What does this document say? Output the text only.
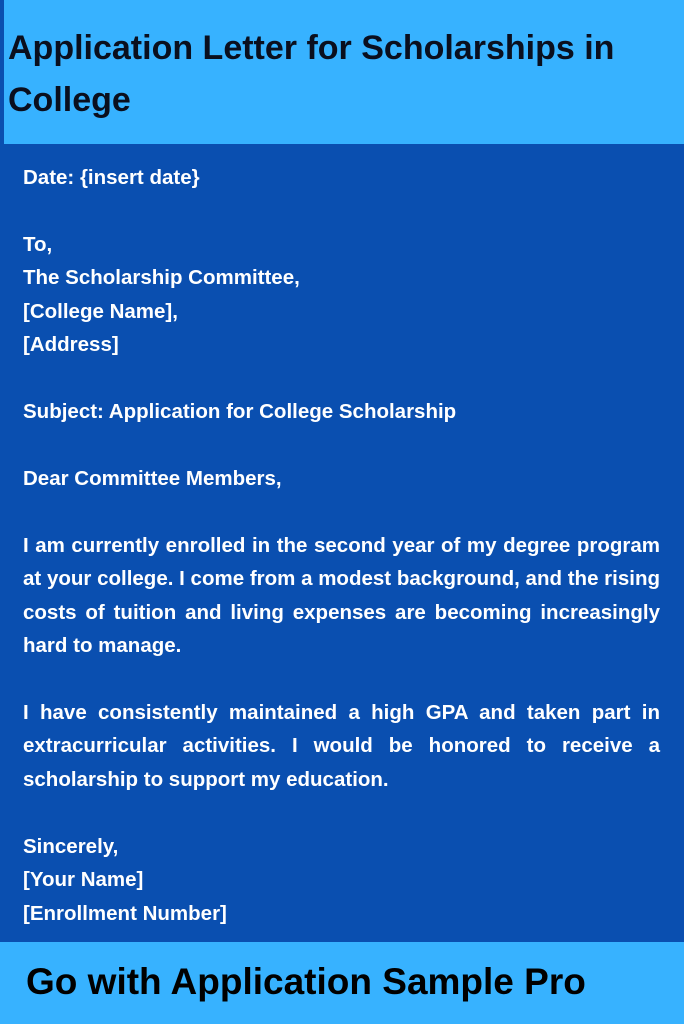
Application Letter for Scholarships in College

Date: {insert date}

To,

The Scholarship Committee,

[College Name],

[Address]

Subject: Application for College Scholarship

Dear Committee Members,

I am currently enrolled in the second year of my degree program at your college. I come from a modest background, and the rising costs of tuition and living expenses are becoming increasingly hard to manage.

I have consistently maintained a high GPA and taken part in extracurricular activities. I would be honored to receive a scholarship to support my education.

Sincerely,

[Your Name]

[Enrollment Number]

Go with Application Sample Pro
